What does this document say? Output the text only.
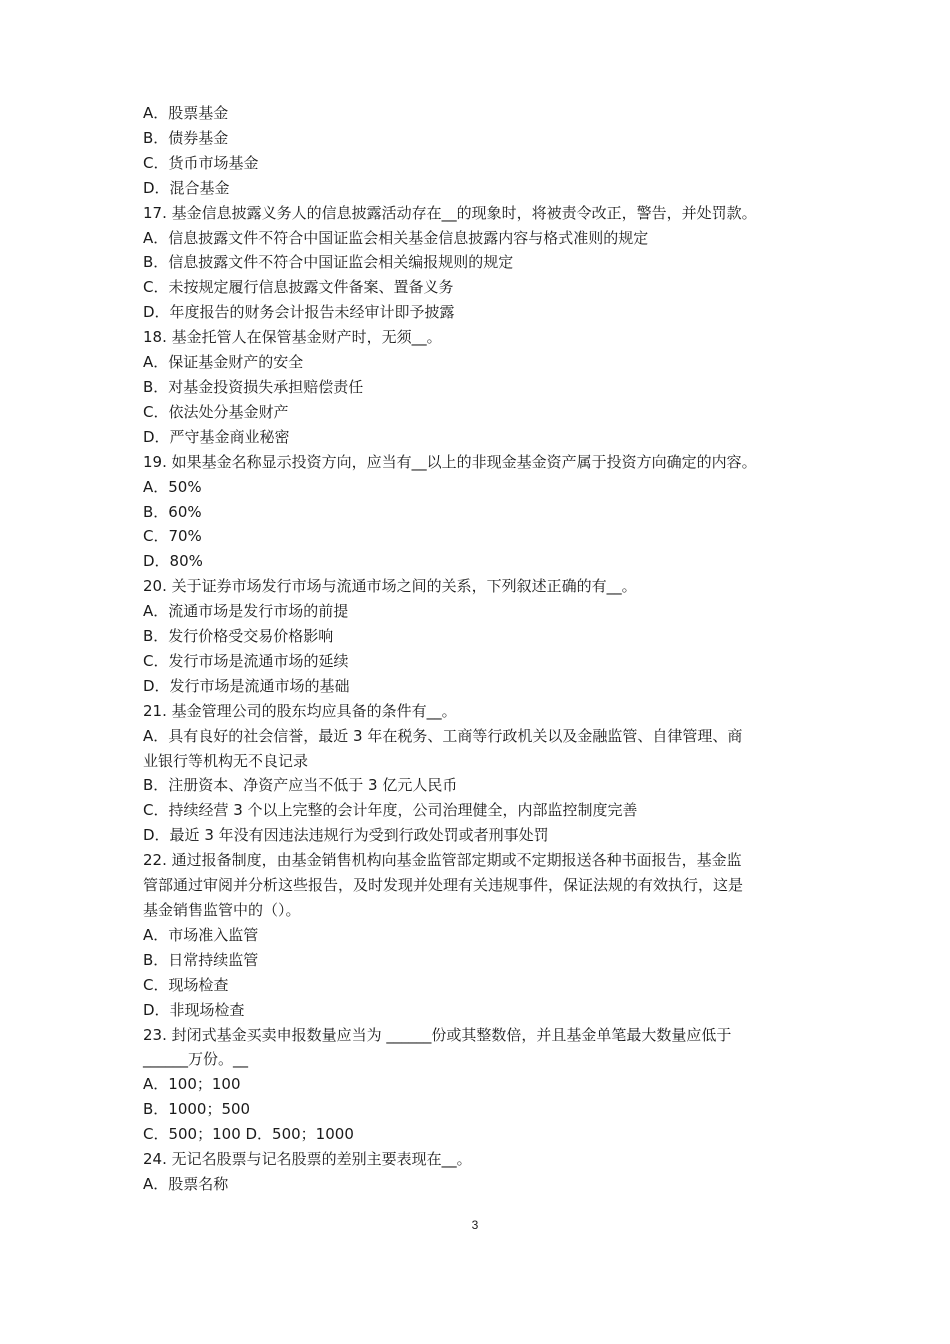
A．股票基金
B．债券基金
C．货币市场基金
D．混合基金
17. 基金信息披露义务人的信息披露活动存在__的现象时，将被责令改正，警告，并处罚款。
A．信息披露文件不符合中国证监会相关基金信息披露内容与格式准则的规定
B．信息披露文件不符合中国证监会相关编报规则的规定
C．未按规定履行信息披露文件备案、置备义务
D．年度报告的财务会计报告未经审计即予披露
18. 基金托管人在保管基金财产时，无须__。
A．保证基金财产的安全
B．对基金投资损失承担赔偿责任
C．依法处分基金财产
D．严守基金商业秘密
19. 如果基金名称显示投资方向，应当有__以上的非现金基金资产属于投资方向确定的内容。
A．50%
B．60%
C．70%
D．80%
20. 关于证券市场发行市场与流通市场之间的关系，下列叙述正确的有__。
A．流通市场是发行市场的前提
B．发行价格受交易价格影响
C．发行市场是流通市场的延续
D．发行市场是流通市场的基础
21. 基金管理公司的股东均应具备的条件有__。
A．具有良好的社会信誉，最近 3 年在税务、工商等行政机关以及金融监管、自律管理、商
业银行等机构无不良记录
B．注册资本、净资产应当不低于 3 亿元人民币
C．持续经营 3 个以上完整的会计年度，公司治理健全，内部监控制度完善
D．最近 3 年没有因违法违规行为受到行政处罚或者刑事处罚
22. 通过报备制度，由基金销售机构向基金监管部定期或不定期报送各种书面报告，基金监
管部通过审阅并分析这些报告，及时发现并处理有关违规事件，保证法规的有效执行，这是
基金销售监管中的（）。
A．市场准入监管
B．日常持续监管
C．现场检查
D．非现场检查
23. 封闭式基金买卖申报数量应当为 ______份或其整数倍，并且基金单笔最大数量应低于
______万份。__
A．100；100
B．1000；500
C．500；100 D．500；1000
24. 无记名股票与记名股票的差别主要表现在__。
A．股票名称
3
